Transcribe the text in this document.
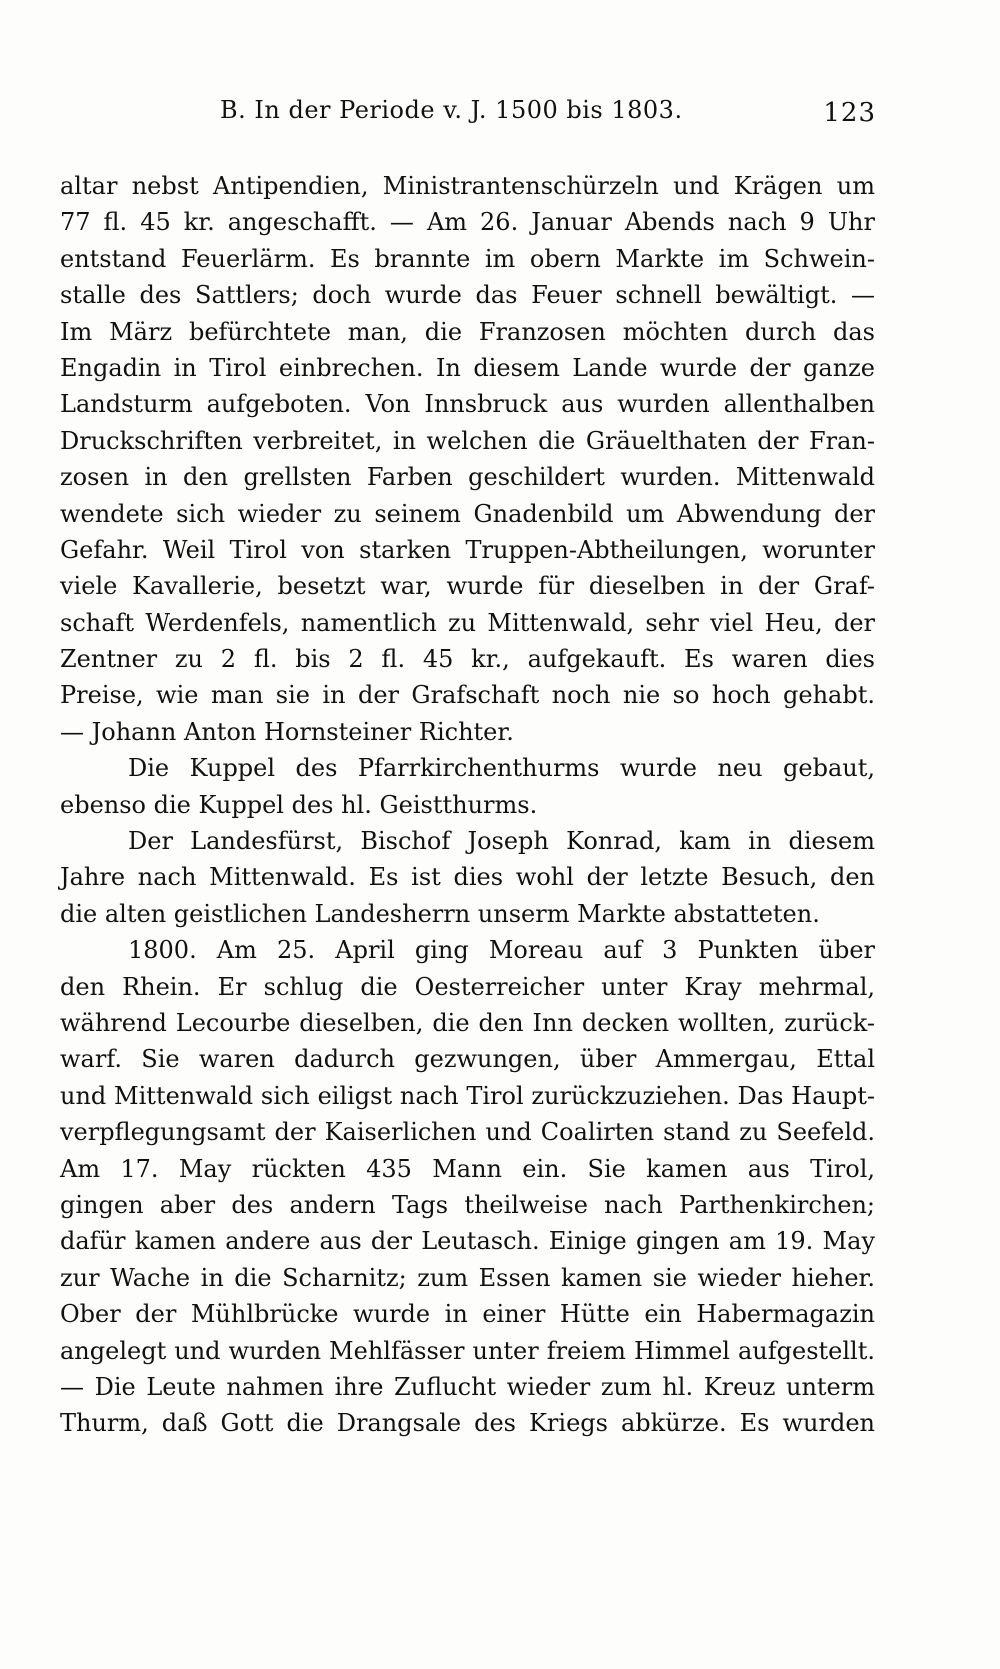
B. In der Periode v. J. 1500 bis 1803.	123
altar nebst Antipendien, Ministrantenschürzeln und Krägen um
77 fl. 45 kr. angeschafft. — Am 26. Januar Abends nach 9 Uhr
entstand Feuerlärm. Es brannte im obern Markte im Schwein-
stalle des Sattlers; doch wurde das Feuer schnell bewältigt. —
Im März befürchtete man, die Franzosen möchten durch das
Engadin in Tirol einbrechen. In diesem Lande wurde der ganze
Landsturm aufgeboten. Von Innsbruck aus wurden allenthalben
Druckschriften verbreitet, in welchen die Gräuelthaten der Fran-
zosen in den grellsten Farben geschildert wurden. Mittenwald
wendete sich wieder zu seinem Gnadenbild um Abwendung der
Gefahr. Weil Tirol von starken Truppen-Abtheilungen, worunter
viele Kavallerie, besetzt war, wurde für dieselben in der Graf-
schaft Werdenfels, namentlich zu Mittenwald, sehr viel Heu, der
Zentner zu 2 fl. bis 2 fl. 45 kr., aufgekauft. Es waren dies
Preise, wie man sie in der Grafschaft noch nie so hoch gehabt.
— Johann Anton Hornsteiner Richter.
Die Kuppel des Pfarrkirchenthurms wurde neu gebaut,
ebenso die Kuppel des hl. Geistthurms.
Der Landesfürst, Bischof Joseph Konrad, kam in diesem
Jahre nach Mittenwald. Es ist dies wohl der letzte Besuch, den
die alten geistlichen Landesherrn unserm Markte abstatteten.
1800. Am 25. April ging Moreau auf 3 Punkten über
den Rhein. Er schlug die Oesterreicher unter Kray mehrmal,
während Lecourbe dieselben, die den Inn decken wollten, zurück-
warf. Sie waren dadurch gezwungen, über Ammergau, Ettal
und Mittenwald sich eiligst nach Tirol zurückzuziehen. Das Haupt-
verpflegungsamt der Kaiserlichen und Coalirten stand zu Seefeld.
Am 17. May rückten 435 Mann ein. Sie kamen aus Tirol,
gingen aber des andern Tags theilweise nach Parthenkirchen;
dafür kamen andere aus der Leutasch. Einige gingen am 19. May
zur Wache in die Scharnitz; zum Essen kamen sie wieder hieher.
Ober der Mühlbrücke wurde in einer Hütte ein Habermagazin
angelegt und wurden Mehlfässer unter freiem Himmel aufgestellt.
— Die Leute nahmen ihre Zuflucht wieder zum hl. Kreuz unterm
Thurm, daß Gott die Drangsale des Kriegs abkürze. Es wurden
